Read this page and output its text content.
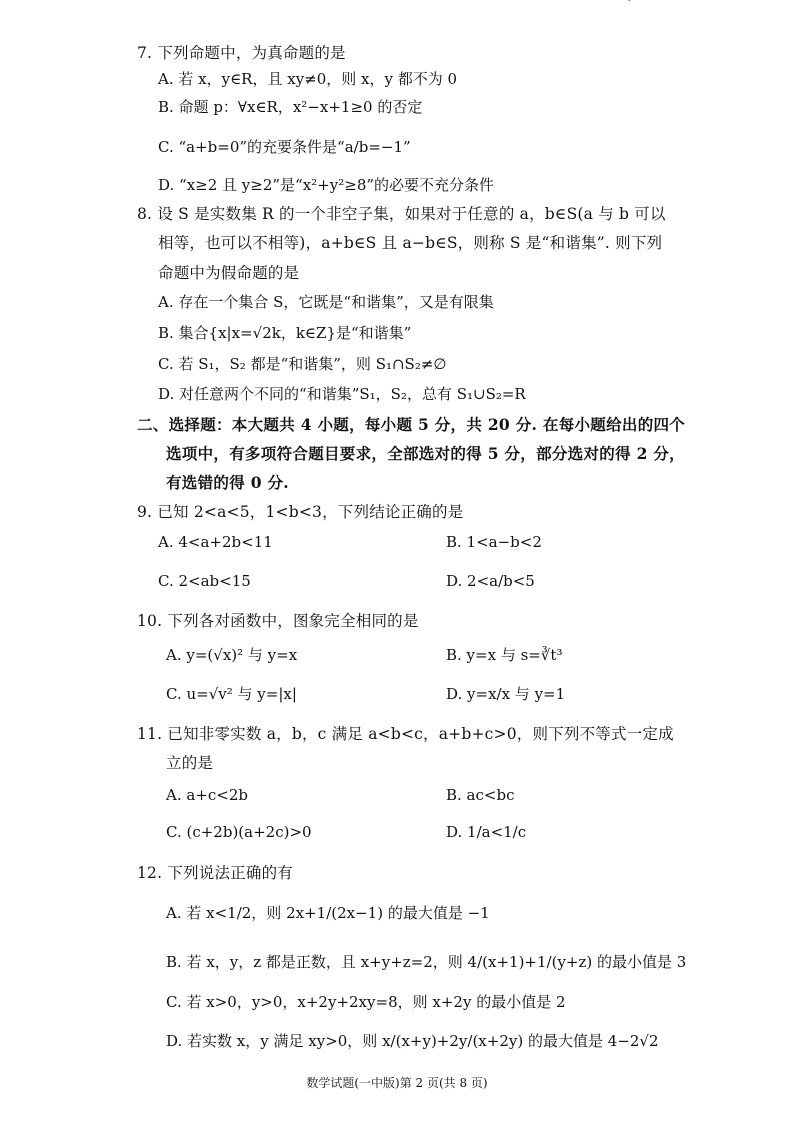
7. 下列命题中，为真命题的是
A. 若 x，y∈R，且 xy≠0，则 x，y 都不为 0
B. 命题 p：∀x∈R，x²−x+1≥0 的否定
C. “a+b=0”的充要条件是“a/b=−1”
D. “x≥2 且 y≥2”是“x²+y²≥8”的必要不充分条件
8. 设 S 是实数集 R 的一个非空子集，如果对于任意的 a，b∈S(a 与 b 可以
相等，也可以不相等)，a+b∈S 且 a−b∈S，则称 S 是“和谐集”. 则下列
命题中为假命题的是
A. 存在一个集合 S，它既是“和谐集”，又是有限集
B. 集合{x|x=√2k，k∈Z}是“和谐集”
C. 若 S₁，S₂ 都是“和谐集”，则 S₁∩S₂≠∅
D. 对任意两个不同的“和谐集”S₁，S₂，总有 S₁∪S₂=R
二、选择题：本大题共 4 小题，每小题 5 分，共 20 分. 在每小题给出的四个
选项中，有多项符合题目要求，全部选对的得 5 分，部分选对的得 2 分，
有选错的得 0 分.
9. 已知 2<a<5，1<b<3，下列结论正确的是
A. 4<a+2b<11	B. 1<a−b<2
C. 2<ab<15	D. 2<a/b<5
10. 下列各对函数中，图象完全相同的是
A. y=(√x)² 与 y=x	B. y=x 与 s=∛t³
C. u=√v² 与 y=|x|	D. y=x/x 与 y=1
11. 已知非零实数 a，b，c 满足 a<b<c，a+b+c>0，则下列不等式一定成
立的是
A. a+c<2b	B. ac<bc
C. (c+2b)(a+2c)>0	D. 1/a<1/c
12. 下列说法正确的有
A. 若 x<1/2，则 2x+1/(2x−1) 的最大值是 −1
B. 若 x，y，z 都是正数，且 x+y+z=2，则 4/(x+1)+1/(y+z) 的最小值是 3
C. 若 x>0，y>0，x+2y+2xy=8，则 x+2y 的最小值是 2
D. 若实数 x，y 满足 xy>0，则 x/(x+y)+2y/(x+2y) 的最大值是 4−2√2
数学试题(一中版)第 2 页(共 8 页)
